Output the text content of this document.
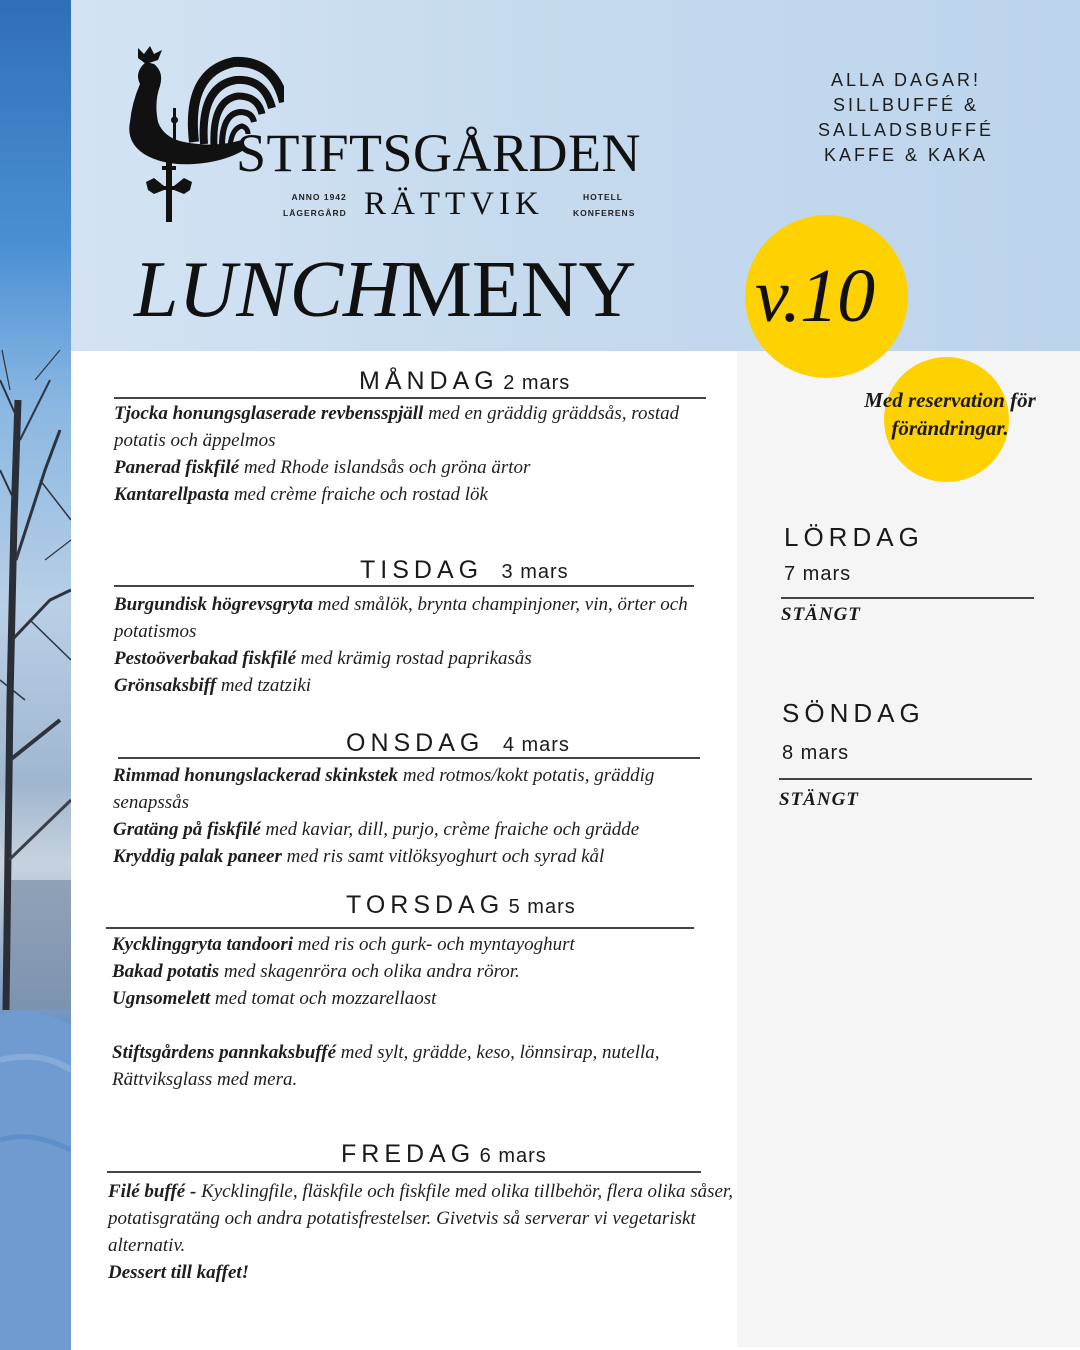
STIFTSGÅRDEN
RÄTTVIK
ANNO 1942
LÄGERGÅRD
HOTELL
KONFERENS
ALLA DAGAR!
SILLBUFFÉ &
SALLADSBUFFÉ
KAFFE & KAKA
LUNCHMENY v.10
Med reservation för förändringar.
MÅNDAG 2 mars
Tjocka honungsglaserade revbensspjäll med en gräddig gräddsås, rostad potatis och äppelmos
Panerad fiskfilé med Rhode islandsås och gröna ärtor
Kantarellpasta med crème fraiche och rostad lök
TISDAG 3 mars
Burgundisk högrevsgryta med smålök, brynta champinjoner, vin, örter och potatismos
Pestoöverbakad fiskfilé med krämig rostad paprikasås
Grönsaksbiff med tzatziki
ONSDAG 4 mars
Rimmad honungslackerad skinkstek med rotmos/kokt potatis, gräddig senapssås
Gratäng på fiskfilé med kaviar, dill, purjo, crème fraiche och grädde
Kryddig palak paneer med ris samt vitlöksyoghurt och syrad kål
TORSDAG 5 mars
Kycklinggryta tandoori med ris och gurk- och myntayoghurt
Bakad potatis med skagenröra och olika andra röror.
Ugnsomelett med tomat och mozzarellaost
Stiftsgårdens pannkaksbuffé med sylt, grädde, keso, lönnsirap, nutella, Rättviksglass med mera.
FREDAG 6 mars
Filé buffé - Kycklingfile, fläskfile och fiskfile med olika tillbehör, flera olika såser, potatisgratäng och andra potatisfrestelser. Givetvis så serverar vi vegetariskt alternativ.
Dessert till kaffet!
LÖRDAG
7 mars
STÄNGT
SÖNDAG
8 mars
STÄNGT
